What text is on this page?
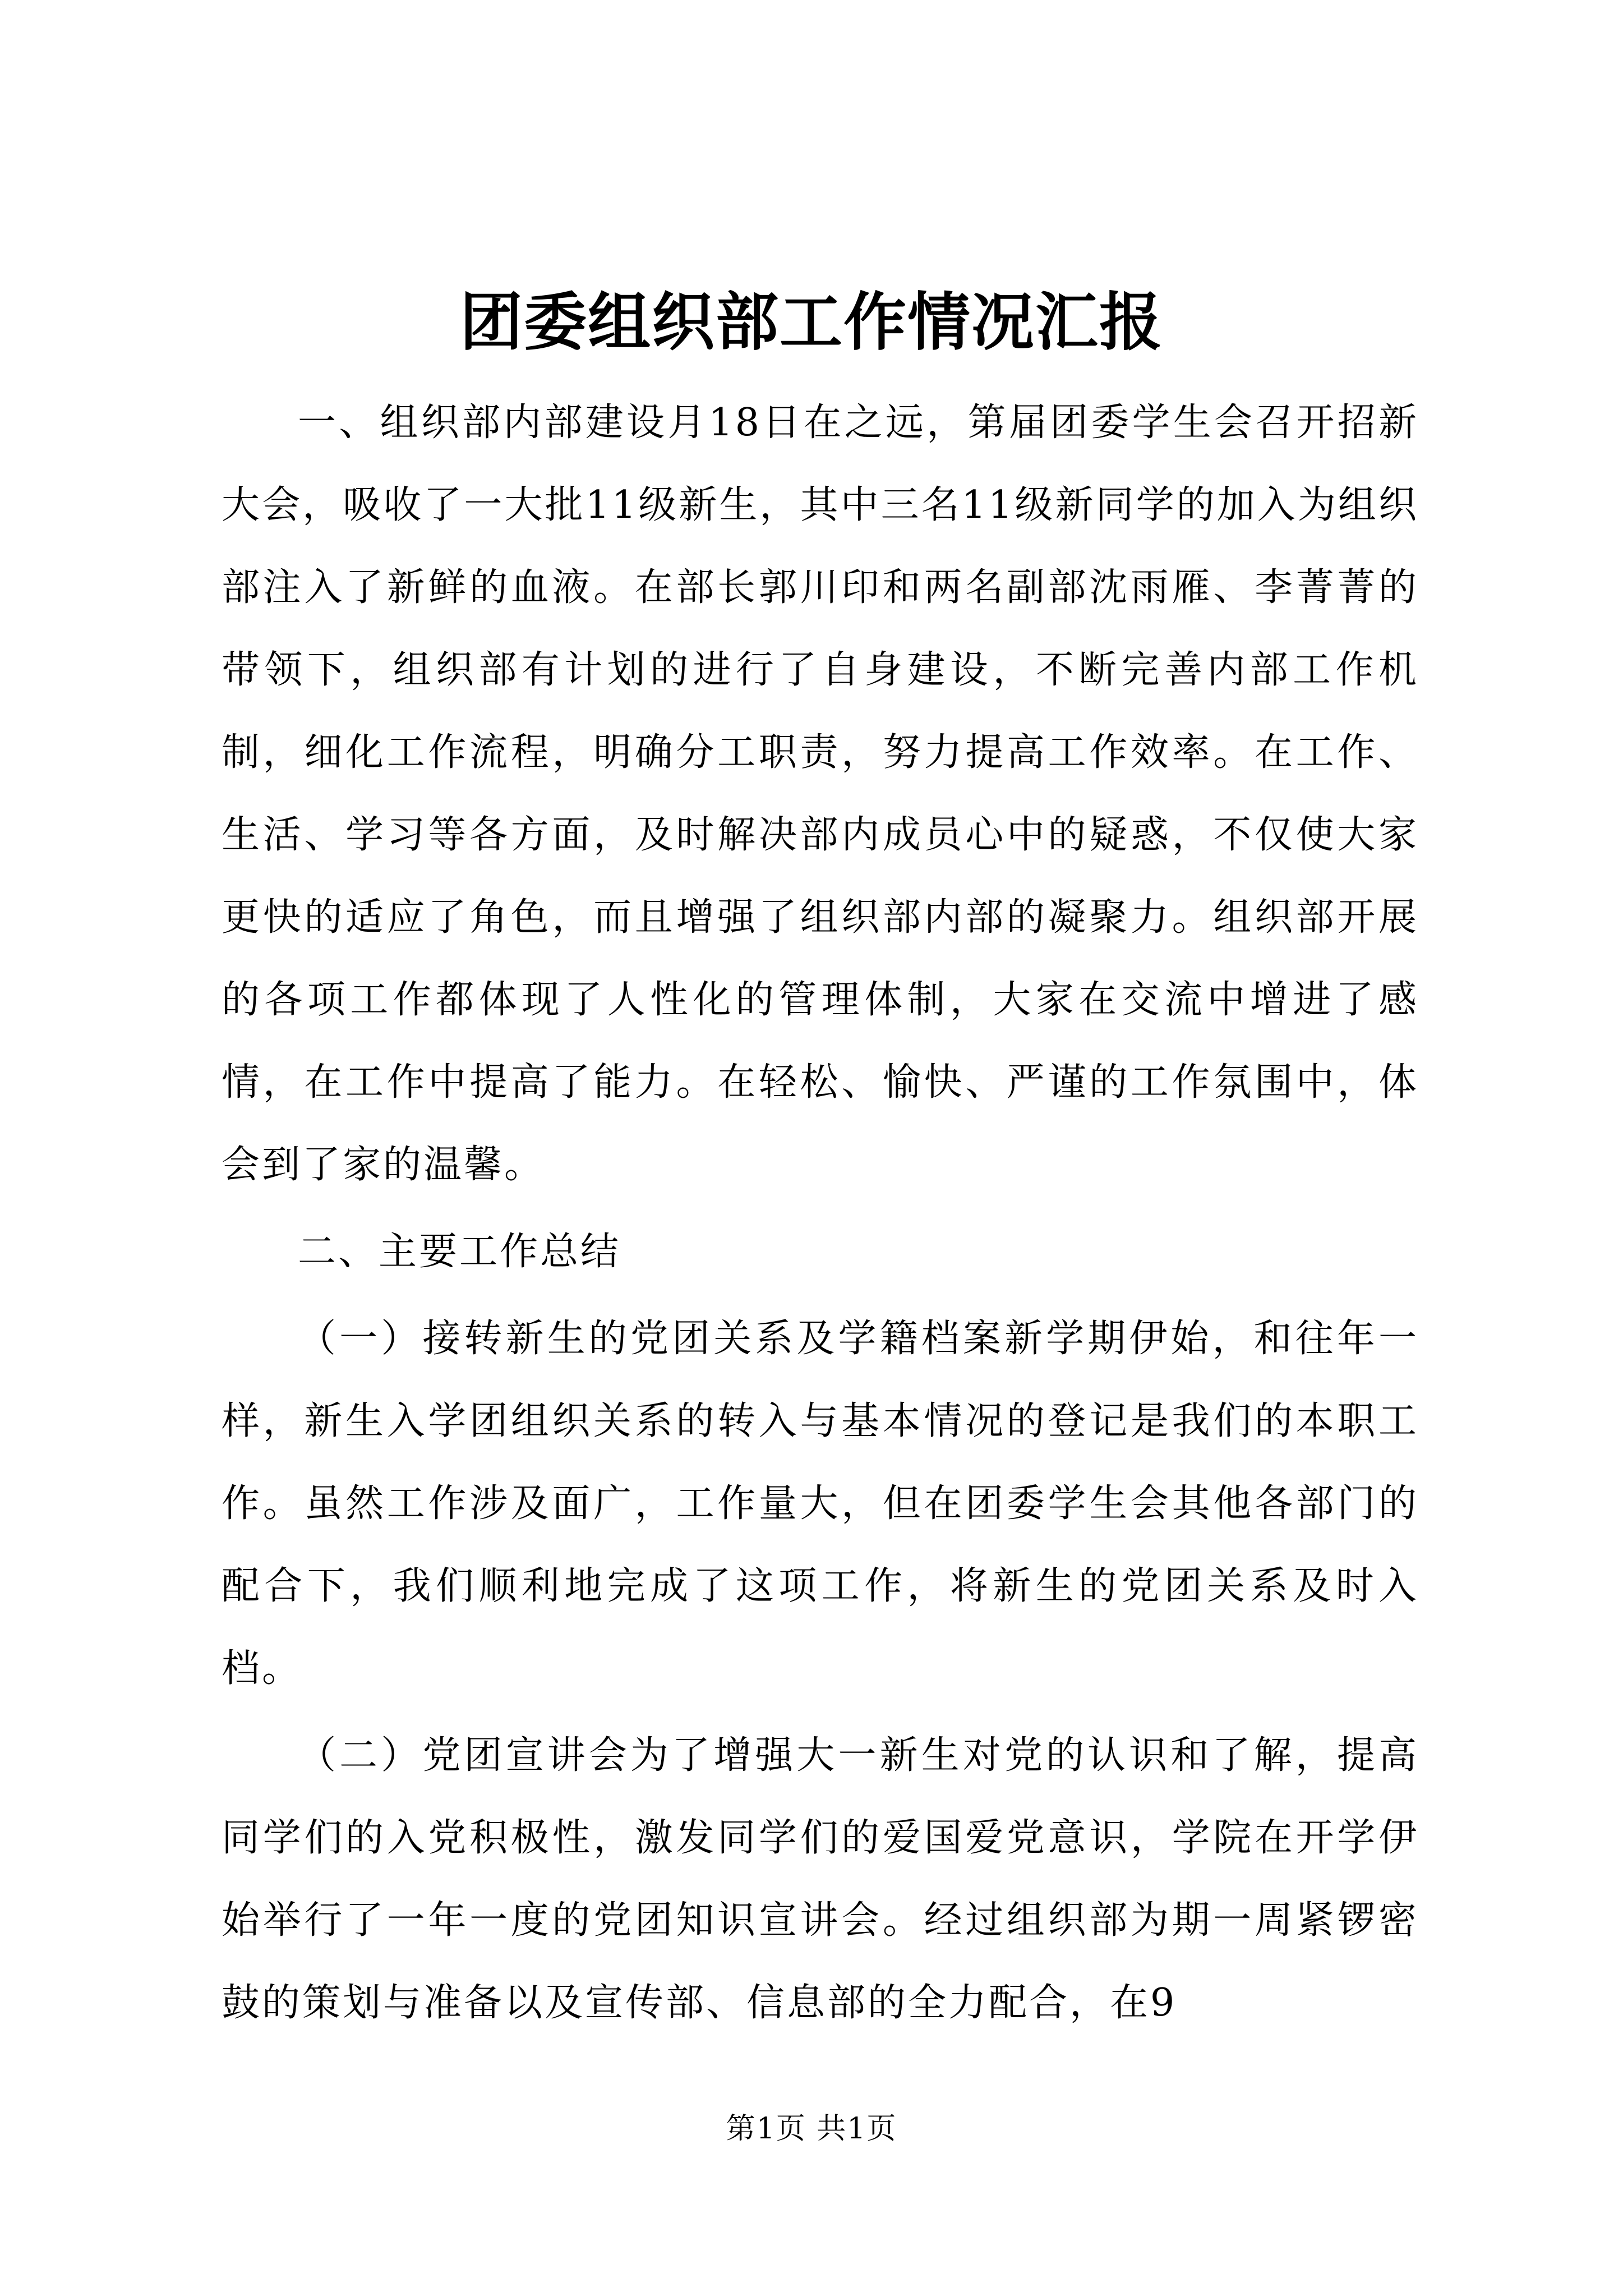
团委组织部工作情况汇报

一、组织部内部建设月18日在之远，第届团委学生会召开招新大会，吸收了一大批11级新生，其中三名11级新同学的加入为组织部注入了新鲜的血液。在部长郭川印和两名副部沈雨雁、李菁菁的带领下，组织部有计划的进行了自身建设，不断完善内部工作机制，细化工作流程，明确分工职责，努力提高工作效率。在工作、生活、学习等各方面，及时解决部内成员心中的疑惑，不仅使大家更快的适应了角色，而且增强了组织部内部的凝聚力。组织部开展的各项工作都体现了人性化的管理体制，大家在交流中增进了感情，在工作中提高了能力。在轻松、愉快、严谨的工作氛围中，体会到了家的温馨。

二、主要工作总结

（一）接转新生的党团关系及学籍档案新学期伊始，和往年一样，新生入学团组织关系的转入与基本情况的登记是我们的本职工作。虽然工作涉及面广，工作量大，但在团委学生会其他各部门的配合下，我们顺利地完成了这项工作，将新生的党团关系及时入档。

（二）党团宣讲会为了增强大一新生对党的认识和了解，提高同学们的入党积极性，激发同学们的爱国爱党意识，学院在开学伊始举行了一年一度的党团知识宣讲会。经过组织部为期一周紧锣密鼓的策划与准备以及宣传部、信息部的全力配合，在9

第1页 共1页
